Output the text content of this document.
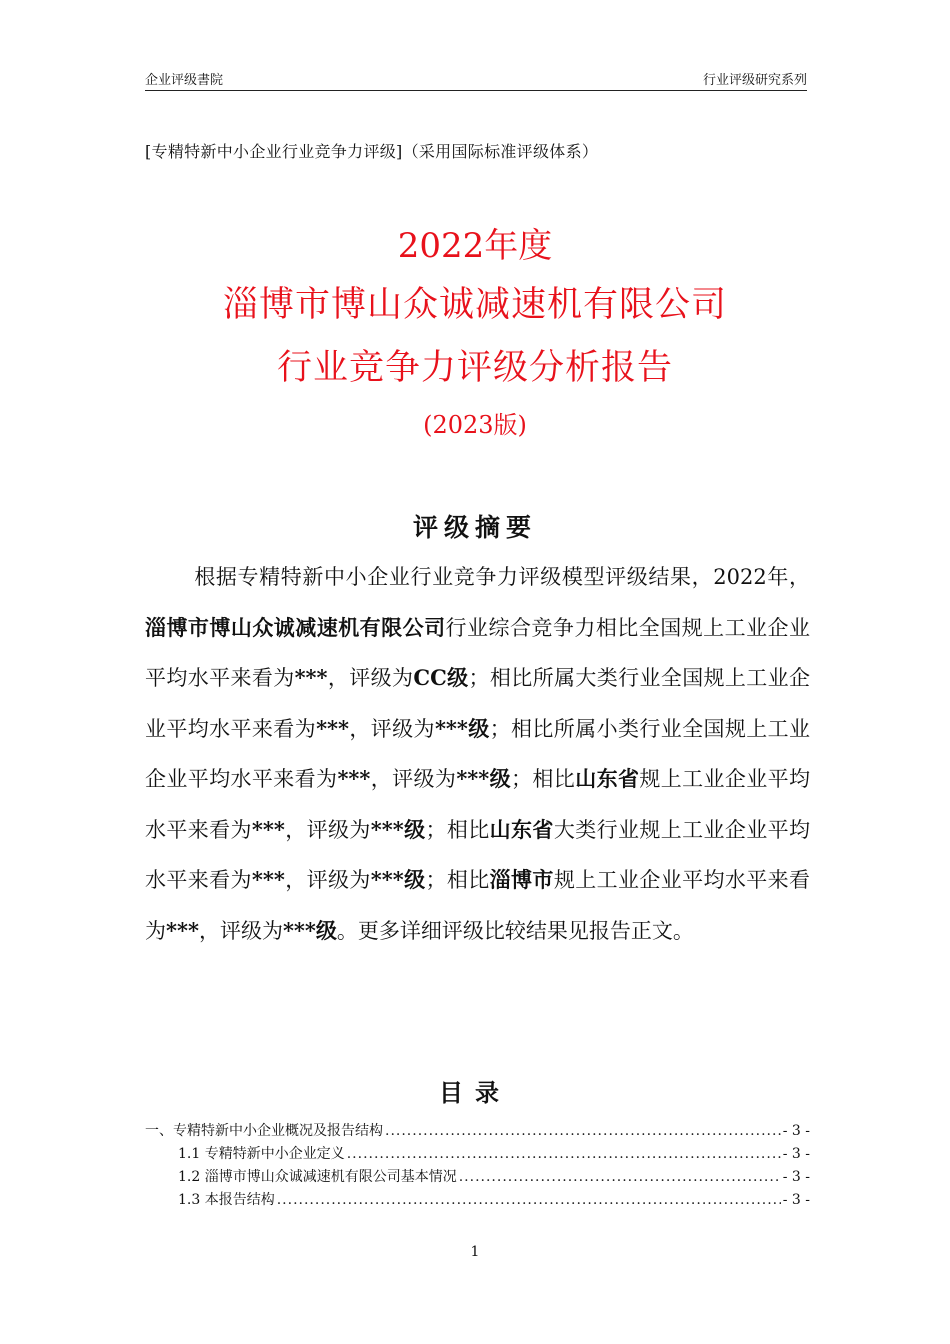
企业评级書院	行业评级研究系列
[专精特新中小企业行业竞争力评级]（采用国际标准评级体系）
2022年度
淄博市博山众诚减速机有限公司
行业竞争力评级分析报告
(2023版)
评级摘要
根据专精特新中小企业行业竞争力评级模型评级结果，2022年，淄博市博山众诚减速机有限公司行业综合竞争力相比全国规上工业企业平均水平来看为***，评级为CC级；相比所属大类行业全国规上工业企业平均水平来看为***，评级为***级；相比所属小类行业全国规上工业企业平均水平来看为***，评级为***级；相比山东省规上工业企业平均水平来看为***，评级为***级；相比山东省大类行业规上工业企业平均水平来看为***，评级为***级；相比淄博市规上工业企业平均水平来看为***，评级为***级。更多详细评级比较结果见报告正文。
目录
一、专精特新中小企业概况及报告结构 .....	- 3 -
1.1 专精特新中小企业定义 .....	- 3 -
1.2 淄博市博山众诚减速机有限公司基本情况 .....	- 3 -
1.3 本报告结构 .....	- 3 -
1
